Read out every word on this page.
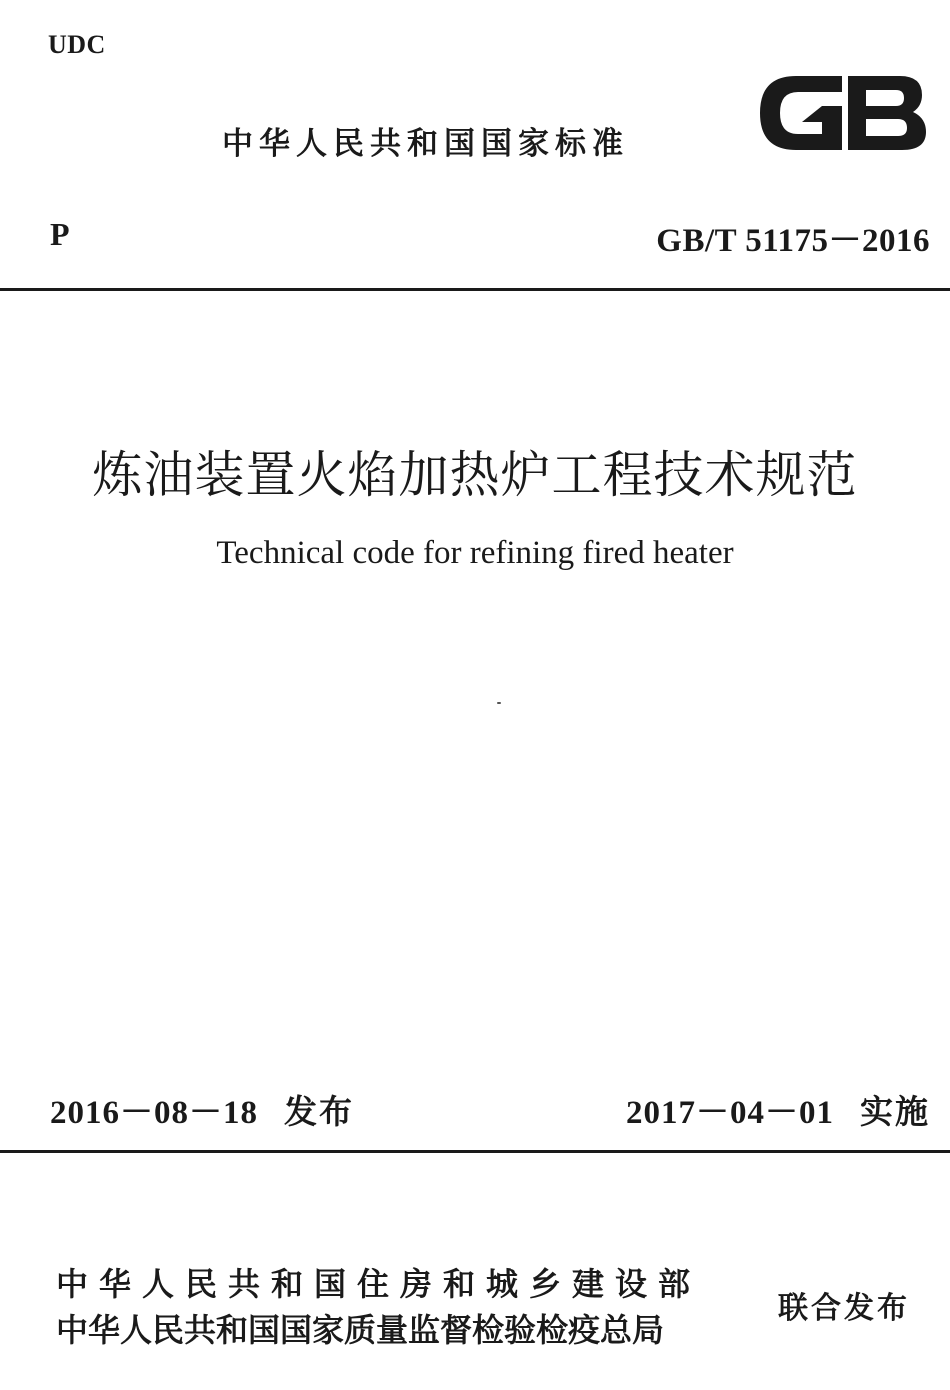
UDC
中华人民共和国国家标准
P	GB/T 51175－2016
炼油装置火焰加热炉工程技术规范
Technical code for refining fired heater
2016－08－18 发布	2017－04－01 实施
中华人民共和国住房和城乡建设部
中华人民共和国国家质量监督检验检疫总局
联合发布
